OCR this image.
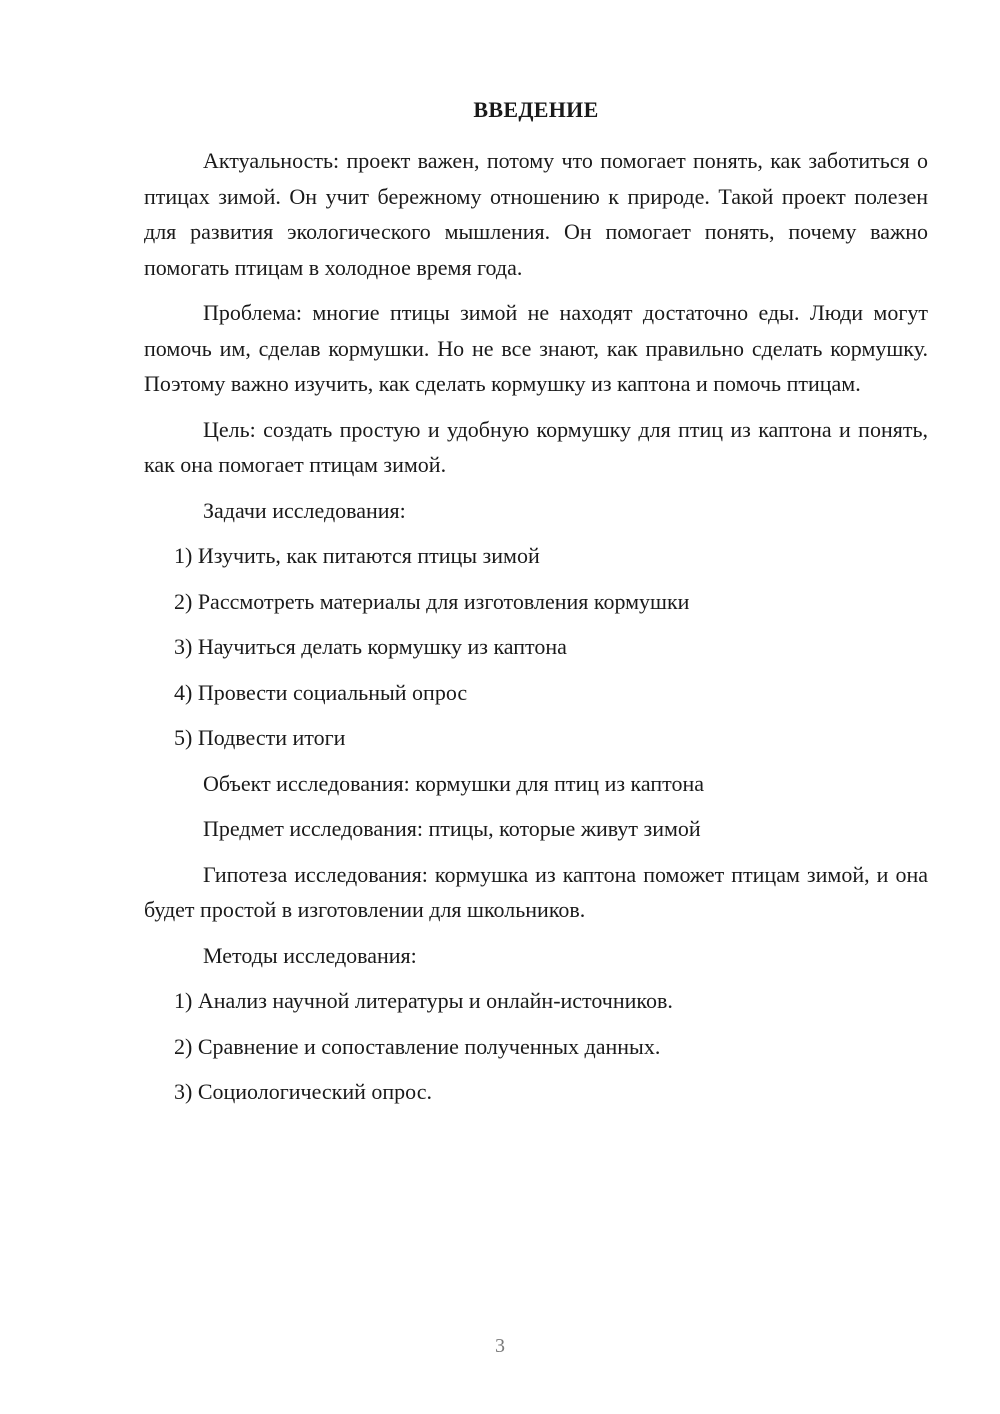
ВВЕДЕНИЕ

Актуальность: проект важен, потому что помогает понять, как заботиться о птицах зимой. Он учит бережному отношению к природе. Такой проект полезен для развития экологического мышления. Он помогает понять, почему важно помогать птицам в холодное время года.

Проблема: многие птицы зимой не находят достаточно еды. Люди могут помочь им, сделав кормушки. Но не все знают, как правильно сделать кормушку. Поэтому важно изучить, как сделать кормушку из каптона и помочь птицам.

Цель: создать простую и удобную кормушку для птиц из каптона и понять, как она помогает птицам зимой.

Задачи исследования:

1) Изучить, как питаются птицы зимой

2) Рассмотреть материалы для изготовления кормушки

3) Научиться делать кормушку из каптона

4) Провести социальный опрос

5) Подвести итоги

Объект исследования: кормушки для птиц из каптона

Предмет исследования: птицы, которые живут зимой

Гипотеза исследования: кормушка из каптона поможет птицам зимой, и она будет простой в изготовлении для школьников.

Методы исследования:

1) Анализ научной литературы и онлайн-источников.

2) Сравнение и сопоставление полученных данных.

3) Социологический опрос.

3
